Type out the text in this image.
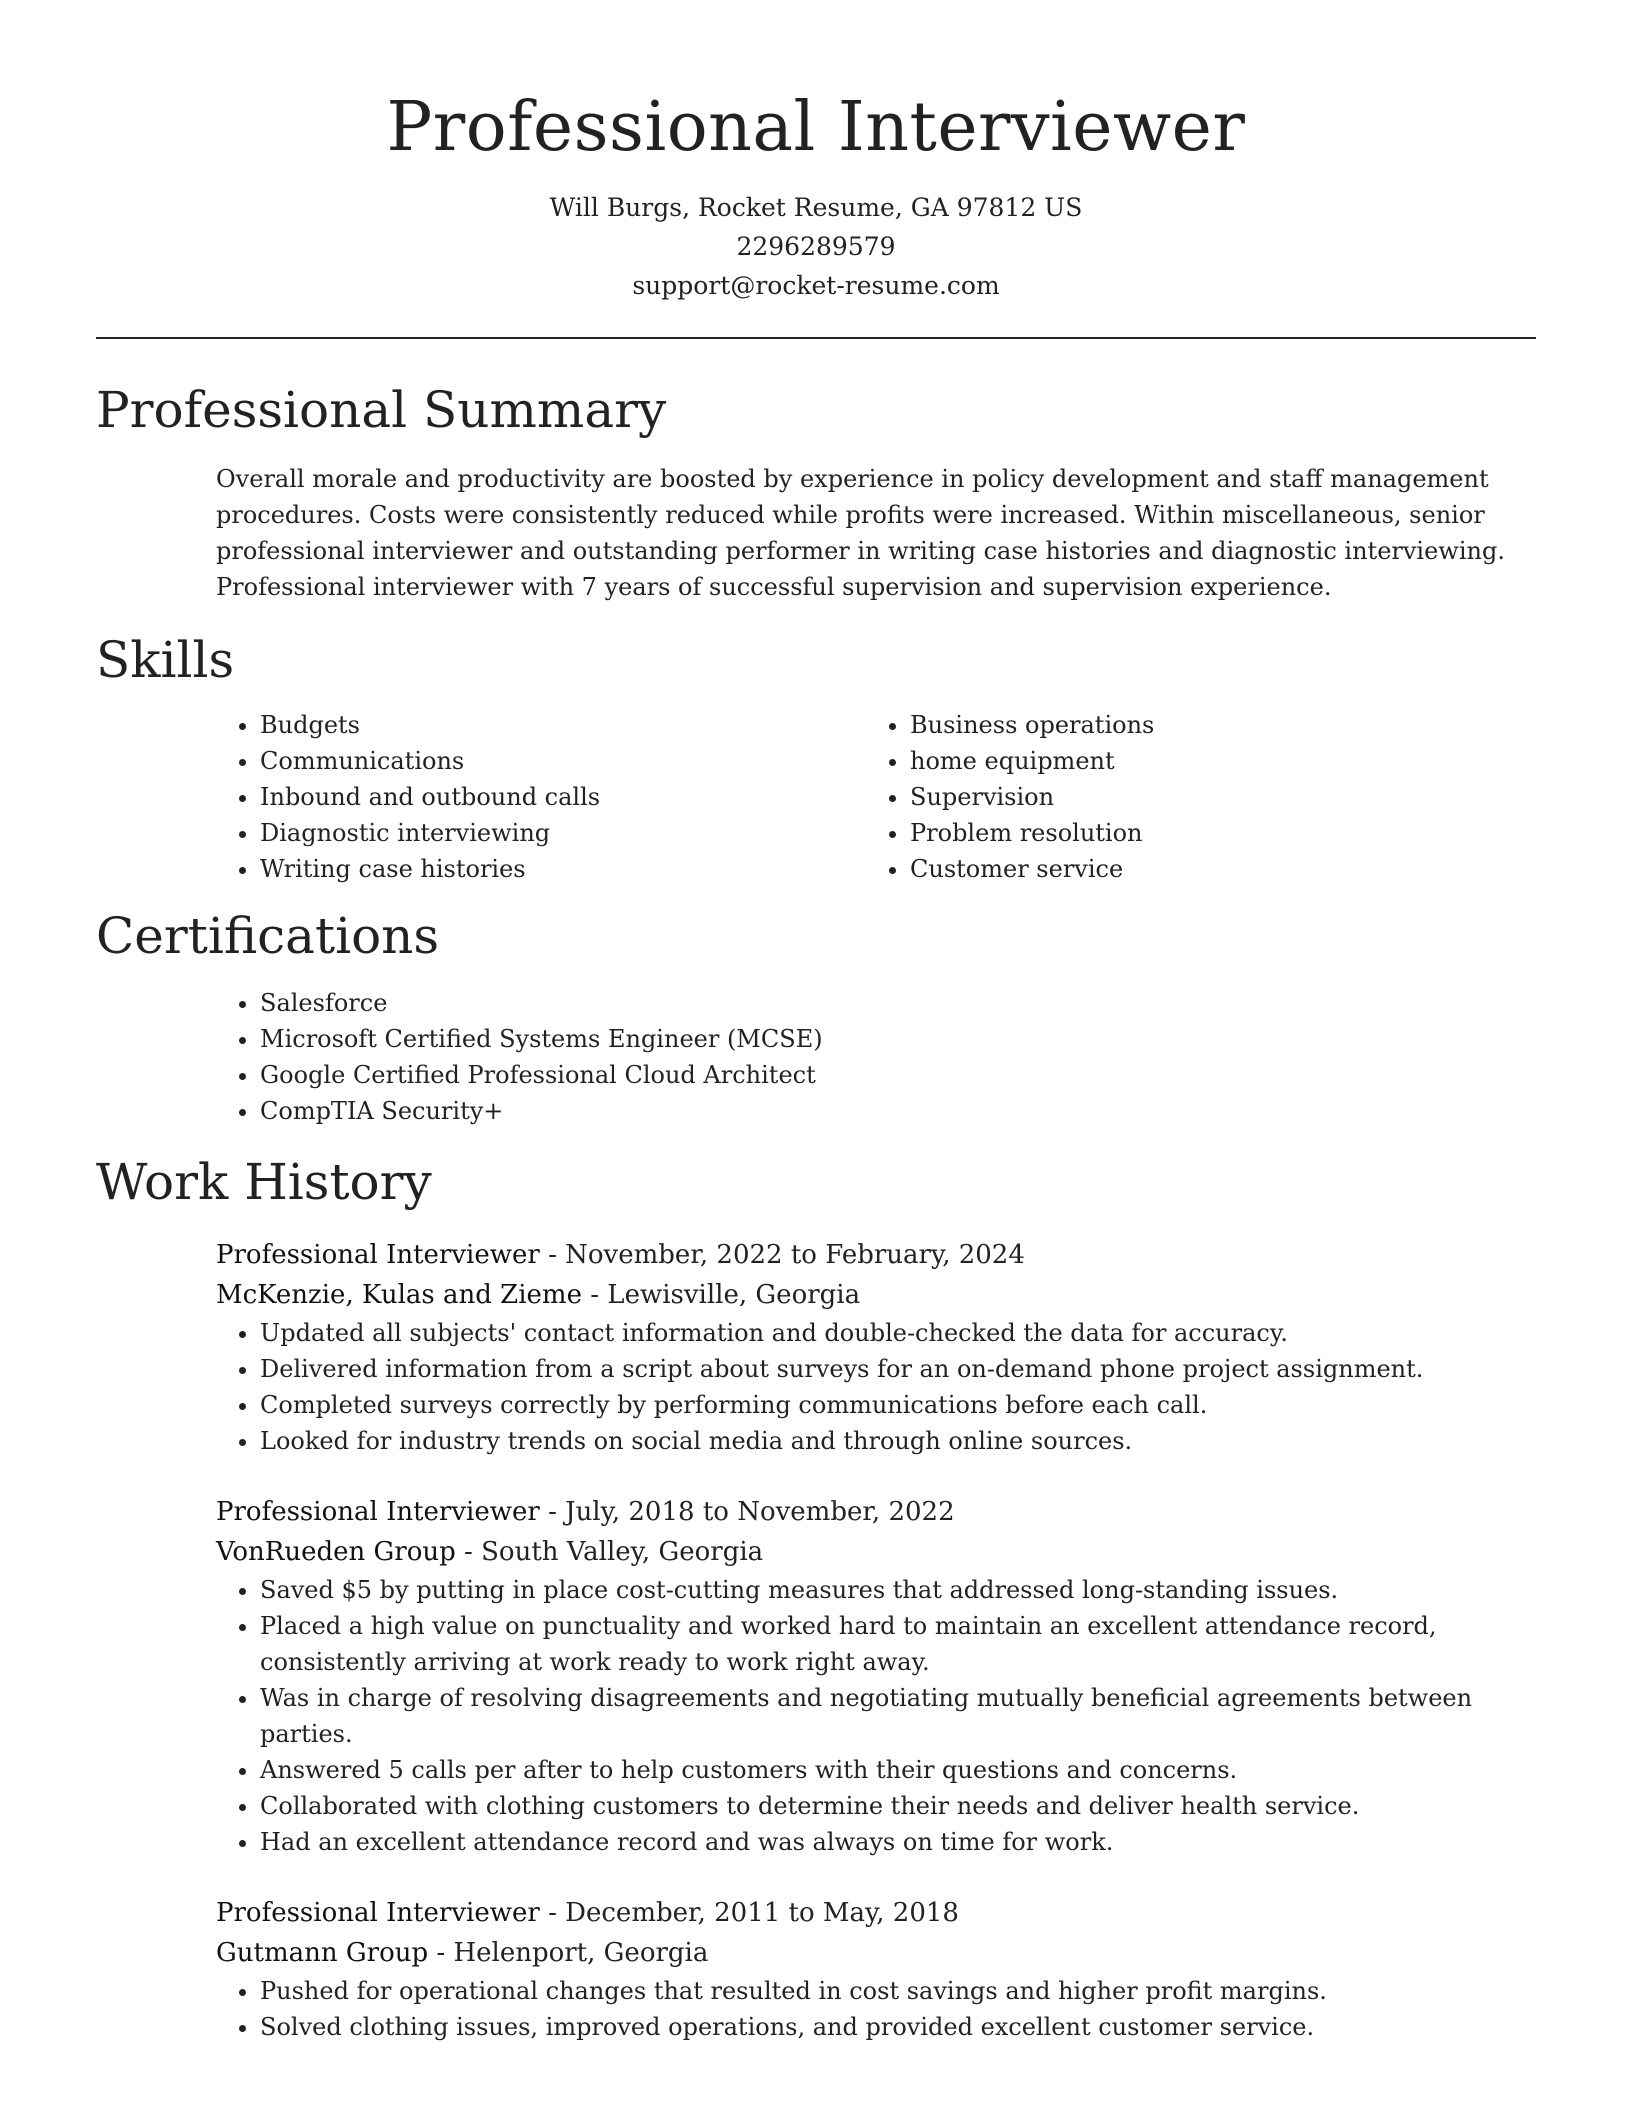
Professional Interviewer
Will Burgs, Rocket Resume, GA 97812 US
2296289579
support@rocket-resume.com
Professional Summary

Overall morale and productivity are boosted by experience in policy development and staff management procedures. Costs were consistently reduced while profits were increased. Within miscellaneous, senior professional interviewer and outstanding performer in writing case histories and diagnostic interviewing. Professional interviewer with 7 years of successful supervision and supervision experience.

Skills
• Budgets
• Communications
• Inbound and outbound calls
• Diagnostic interviewing
• Writing case histories
• Business operations
• home equipment
• Supervision
• Problem resolution
• Customer service
Certifications
• Salesforce
• Microsoft Certified Systems Engineer (MCSE)
• Google Certified Professional Cloud Architect
• CompTIA Security+
Work History
Professional Interviewer - November, 2022 to February, 2024
McKenzie, Kulas and Zieme - Lewisville, Georgia
• Updated all subjects' contact information and double-checked the data for accuracy.
• Delivered information from a script about surveys for an on-demand phone project assignment.
• Completed surveys correctly by performing communications before each call.
• Looked for industry trends on social media and through online sources.
Professional Interviewer - July, 2018 to November, 2022
VonRueden Group - South Valley, Georgia
• Saved $5 by putting in place cost-cutting measures that addressed long-standing issues.
• Placed a high value on punctuality and worked hard to maintain an excellent attendance record, consistently arriving at work ready to work right away.
• Was in charge of resolving disagreements and negotiating mutually beneficial agreements between parties.
• Answered 5 calls per after to help customers with their questions and concerns.
• Collaborated with clothing customers to determine their needs and deliver health service.
• Had an excellent attendance record and was always on time for work.
Professional Interviewer - December, 2011 to May, 2018
Gutmann Group - Helenport, Georgia
• Pushed for operational changes that resulted in cost savings and higher profit margins.
• Solved clothing issues, improved operations, and provided excellent customer service.
